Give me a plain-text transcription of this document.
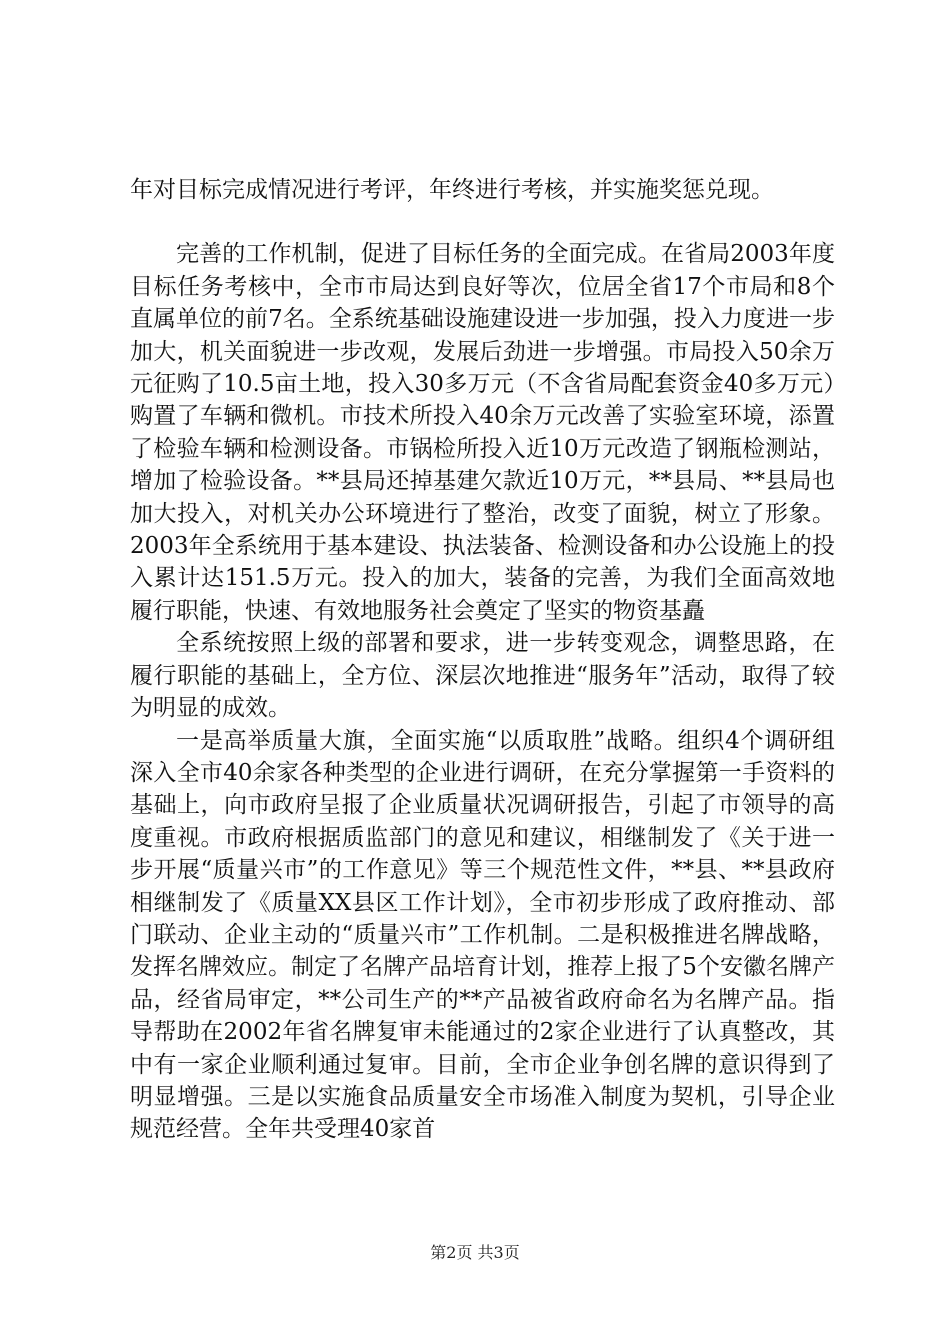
年对目标完成情况进行考评，年终进行考核，并实施奖惩兑现。

完善的工作机制，促进了目标任务的全面完成。在省局2003年度目标任务考核中，全市市局达到良好等次，位居全省17个市局和8个直属单位的前7名。全系统基础设施建设进一步加强，投入力度进一步加大，机关面貌进一步改观，发展后劲进一步增强。市局投入50余万元征购了10.5亩土地，投入30多万元（不含省局配套资金40多万元）购置了车辆和微机。市技术所投入40余万元改善了实验室环境，添置了检验车辆和检测设备。市锅检所投入近10万元改造了钢瓶检测站，增加了检验设备。**县局还掉基建欠款近10万元，**县局、**县局也加大投入，对机关办公环境进行了整治，改变了面貌，树立了形象。2003年全系统用于基本建设、执法装备、检测设备和办公设施上的投入累计达151.5万元。投入的加大，装备的完善，为我们全面高效地履行职能，快速、有效地服务社会奠定了坚实的物资基矗

全系统按照上级的部署和要求，进一步转变观念，调整思路，在履行职能的基础上，全方位、深层次地推进“服务年”活动，取得了较为明显的成效。

一是高举质量大旗，全面实施“以质取胜”战略。组织4个调研组深入全市40余家各种类型的企业进行调研，在充分掌握第一手资料的基础上，向市政府呈报了企业质量状况调研报告，引起了市领导的高度重视。市政府根据质监部门的意见和建议，相继制发了《关于进一步开展“质量兴市”的工作意见》等三个规范性文件，**县、**县政府相继制发了《质量XX县区工作计划》，全市初步形成了政府推动、部门联动、企业主动的“质量兴市”工作机制。二是积极推进名牌战略，发挥名牌效应。制定了名牌产品培育计划，推荐上报了5个安徽名牌产品，经省局审定，**公司生产的**产品被省政府命名为名牌产品。指导帮助在2002年省名牌复审未能通过的2家企业进行了认真整改，其中有一家企业顺利通过复审。目前，全市企业争创名牌的意识得到了明显增强。三是以实施食品质量安全市场准入制度为契机，引导企业规范经营。全年共受理40家首

第2页 共3页
